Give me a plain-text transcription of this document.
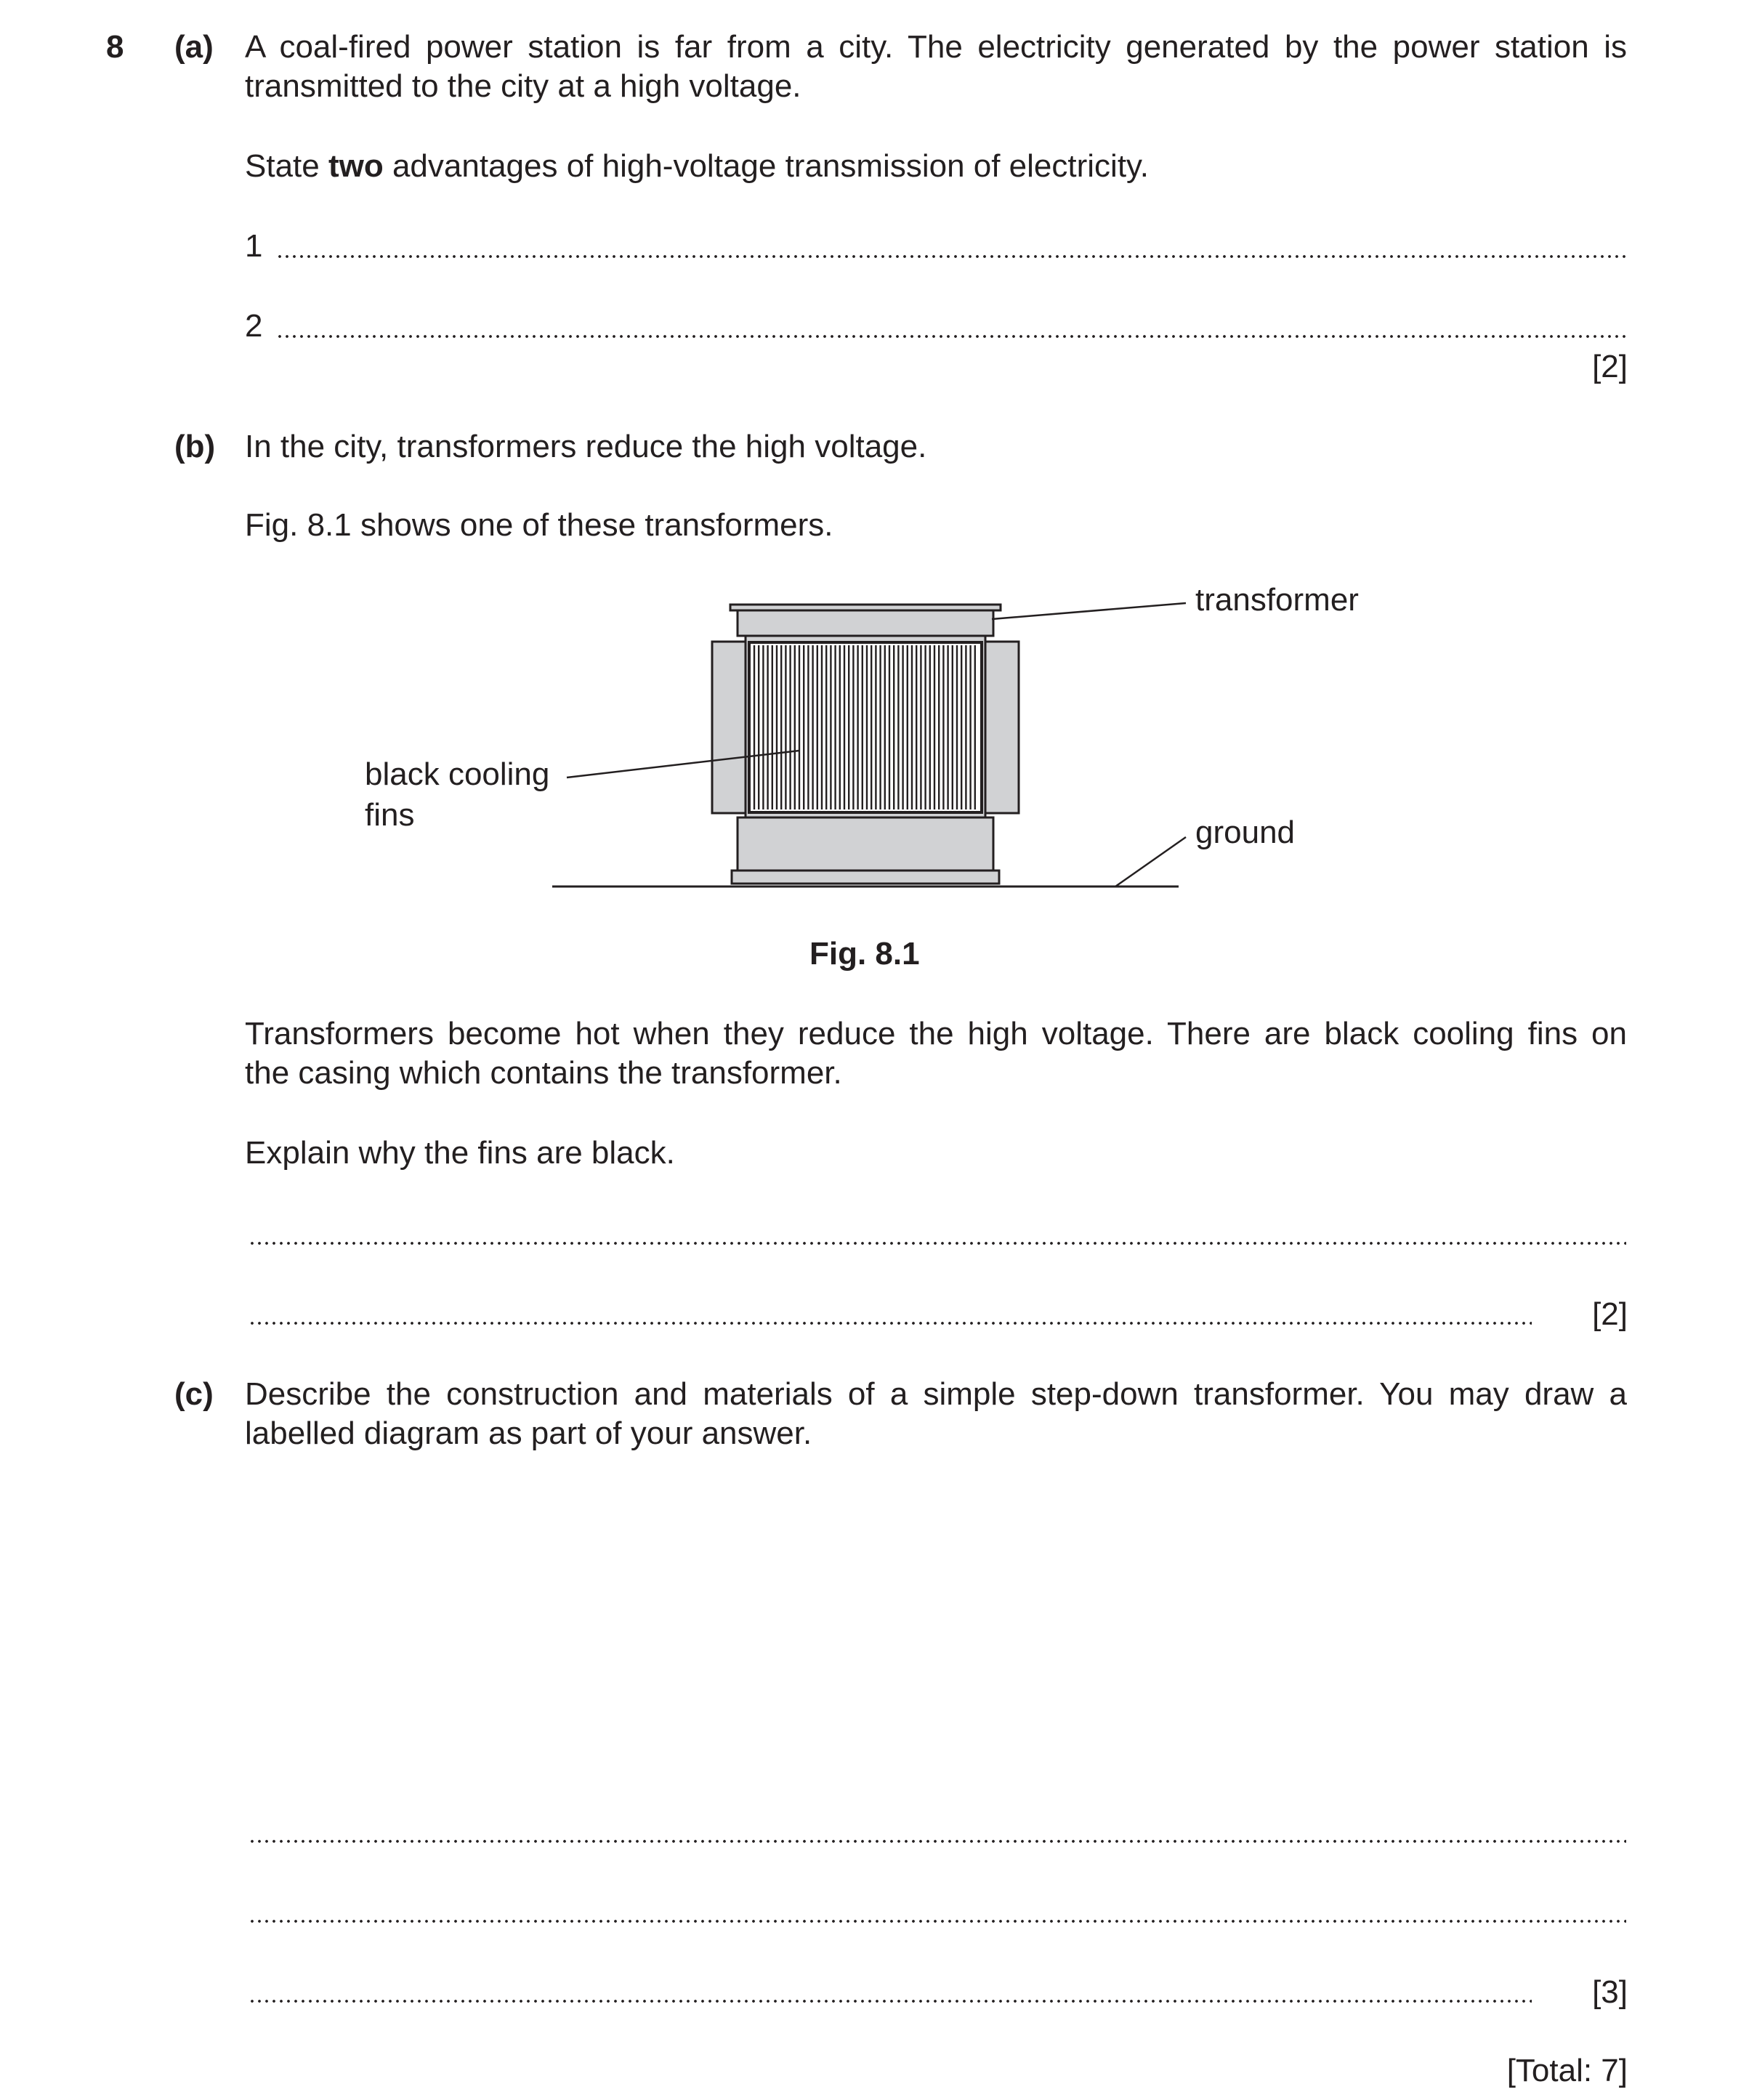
8 (a) A coal-fired power station is far from a city. The electricity generated by the power station is
transmitted to the city at a high voltage.
State two advantages of high-voltage transmission of electricity.
1
2
[2]
(b) In the city, transformers reduce the high voltage.
Fig. 8.1 shows one of these transformers.
transformer
black cooling
fins	ground
Fig. 8.1
Transformers become hot when they reduce the high voltage. There are black cooling fins on
the casing which contains the transformer.
Explain why the fins are black.
[2]
(c) Describe the construction and materials of a simple step-down transformer. You may draw a
labelled diagram as part of your answer.
[3]
[Total: 7]
